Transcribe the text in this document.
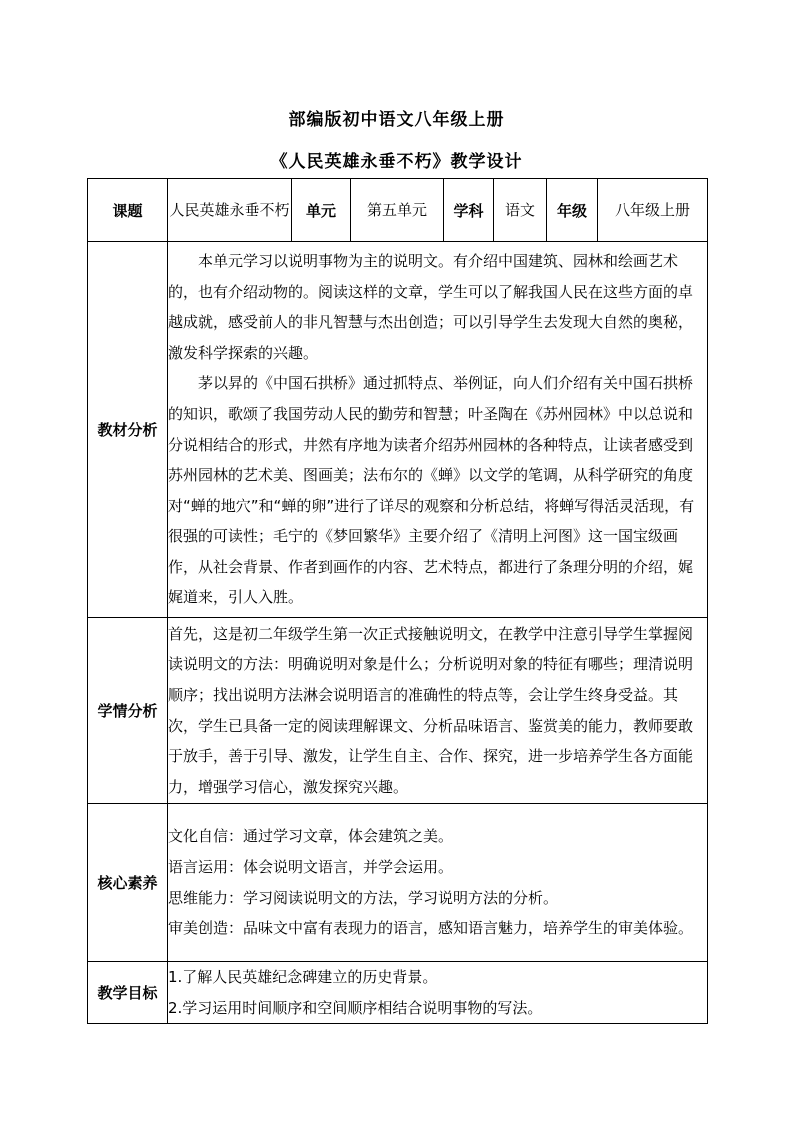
部编版初中语文八年级上册
《人民英雄永垂不朽》教学设计
课题	人民英雄永垂不朽	单元	第五单元	学科	语文	年级	八年级上册
教材分析	本单元学习以说明事物为主的说明文。有介绍中国建筑、园林和绘画艺术的，也有介绍动物的。阅读这样的文章，学生可以了解我国人民在这些方面的卓越成就，感受前人的非凡智慧与杰出创造；可以引导学生去发现大自然的奥秘，激发科学探索的兴趣。

茅以昇的《中国石拱桥》通过抓特点、举例证，向人们介绍有关中国石拱桥的知识，歌颂了我国劳动人民的勤劳和智慧；叶圣陶在《苏州园林》中以总说和分说相结合的形式，井然有序地为读者介绍苏州园林的各种特点，让读者感受到苏州园林的艺术美、图画美；法布尔的《蝉》以文学的笔调，从科学研究的角度对“蝉的地穴”和“蝉的卵”进行了详尽的观察和分析总结，将蝉写得活灵活现，有很强的可读性；毛宁的《梦回繁华》主要介绍了《清明上河图》这一国宝级画作，从社会背景、作者到画作的内容、艺术特点，都进行了条理分明的介绍，娓娓道来，引人入胜。						

学情分析	首先，这是初二年级学生第一次正式接触说明文，在教学中注意引导学生掌握阅读说明文的方法：明确说明对象是什么；分析说明对象的特征有哪些；理清说明顺序；找出说明方法淋会说明语言的准确性的特点等，会让学生终身受益。其次，学生已具备一定的阅读理解课文、分析品味语言、鉴赏美的能力，教师要敢于放手，善于引导、激发，让学生自主、合作、探究，进一步培养学生各方面能力，增强学习信心，激发探究兴趣。						

核心素养	文化自信：通过学习文章，体会建筑之美。

语言运用：体会说明文语言，并学会运用。

思维能力：学习阅读说明文的方法，学习说明方法的分析。

审美创造：品味文中富有表现力的语言，感知语言魅力，培养学生的审美体验。						

教学目标	1.了解人民英雄纪念碑建立的历史背景。

2.学习运用时间顺序和空间顺序相结合说明事物的写法。						
